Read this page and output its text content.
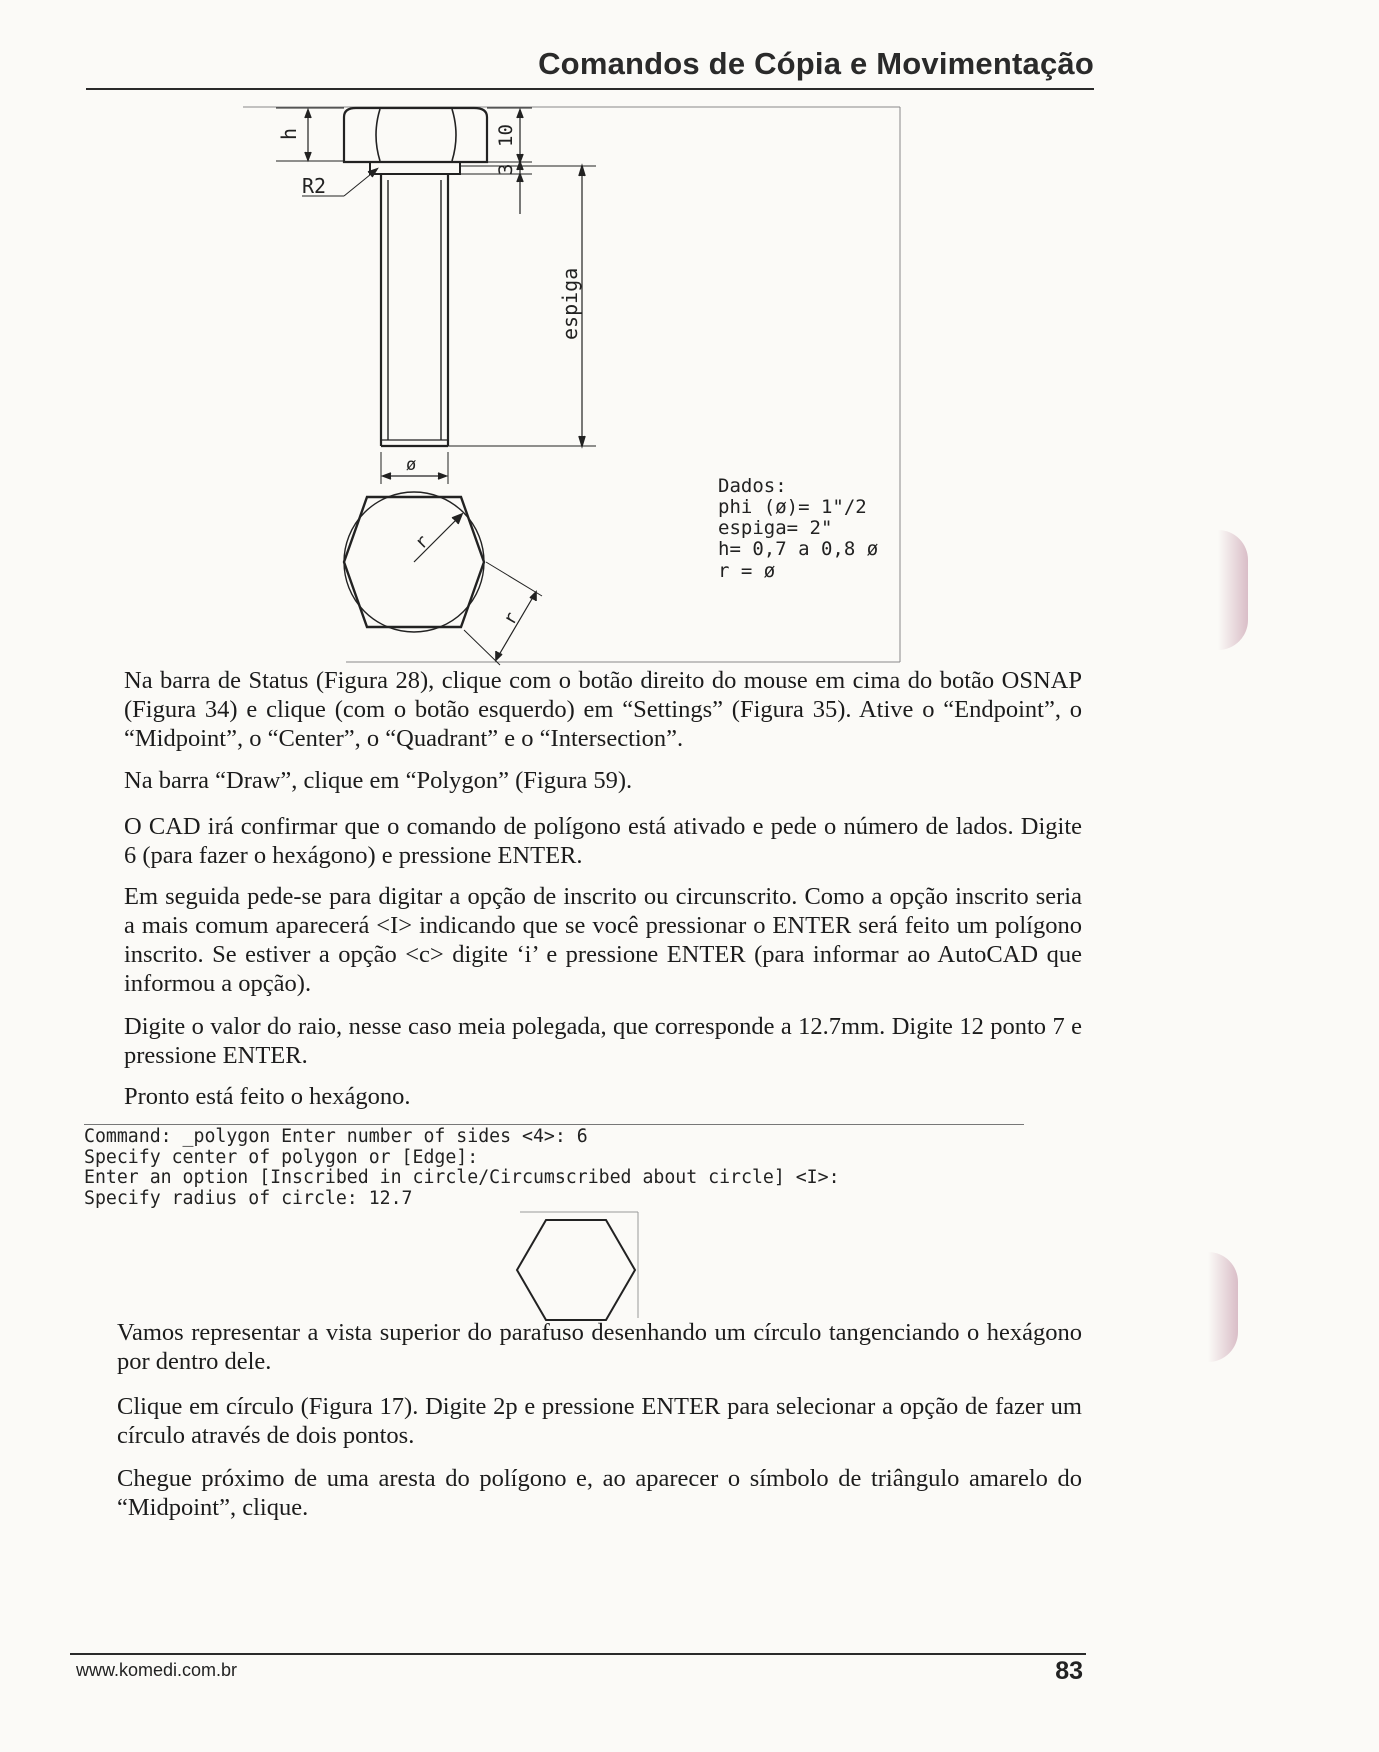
Comandos de Cópia e Movimentação
h	10
3
R2
espiga
ø
r
r
Dados:
phi (ø)= 1"/2
espiga= 2"
h= 0,7 a 0,8 ø
r = ø
Na barra de Status (Figura 28), clique com o botão direito do mouse em cima do botão OSNAP (Figura 34) e clique (com o botão esquerdo) em “Settings” (Figura 35). Ative o “Endpoint”, o “Midpoint”, o “Center”, o “Quadrant” e o “Intersection”.
Na barra “Draw”, clique em “Polygon” (Figura 59).
O CAD irá confirmar que o comando de polígono está ativado e pede o número de lados. Digite 6 (para fazer o hexágono) e pressione ENTER.
Em seguida pede-se para digitar a opção de inscrito ou circunscrito. Como a opção inscrito seria a mais comum aparecerá <I> indicando que se você pressionar o ENTER será feito um polígono inscrito. Se estiver a opção <c> digite ‘i’ e pressione ENTER (para informar ao AutoCAD que informou a opção).
Digite o valor do raio, nesse caso meia polegada, que corresponde a 12.7mm. Digite 12 ponto 7 e pressione ENTER.
Pronto está feito o hexágono.
Command: _polygon Enter number of sides <4>: 6
Specify center of polygon or [Edge]:
Enter an option [Inscribed in circle/Circumscribed about circle] <I>:
Specify radius of circle: 12.7
Vamos representar a vista superior do parafuso desenhando um círculo tangenciando o hexágono por dentro dele.
Clique em círculo (Figura 17). Digite 2p e pressione ENTER para selecionar a opção de fazer um círculo através de dois pontos.
Chegue próximo de uma aresta do polígono e, ao aparecer o símbolo de triângulo amarelo do “Midpoint”, clique.
www.komedi.com.br	83
